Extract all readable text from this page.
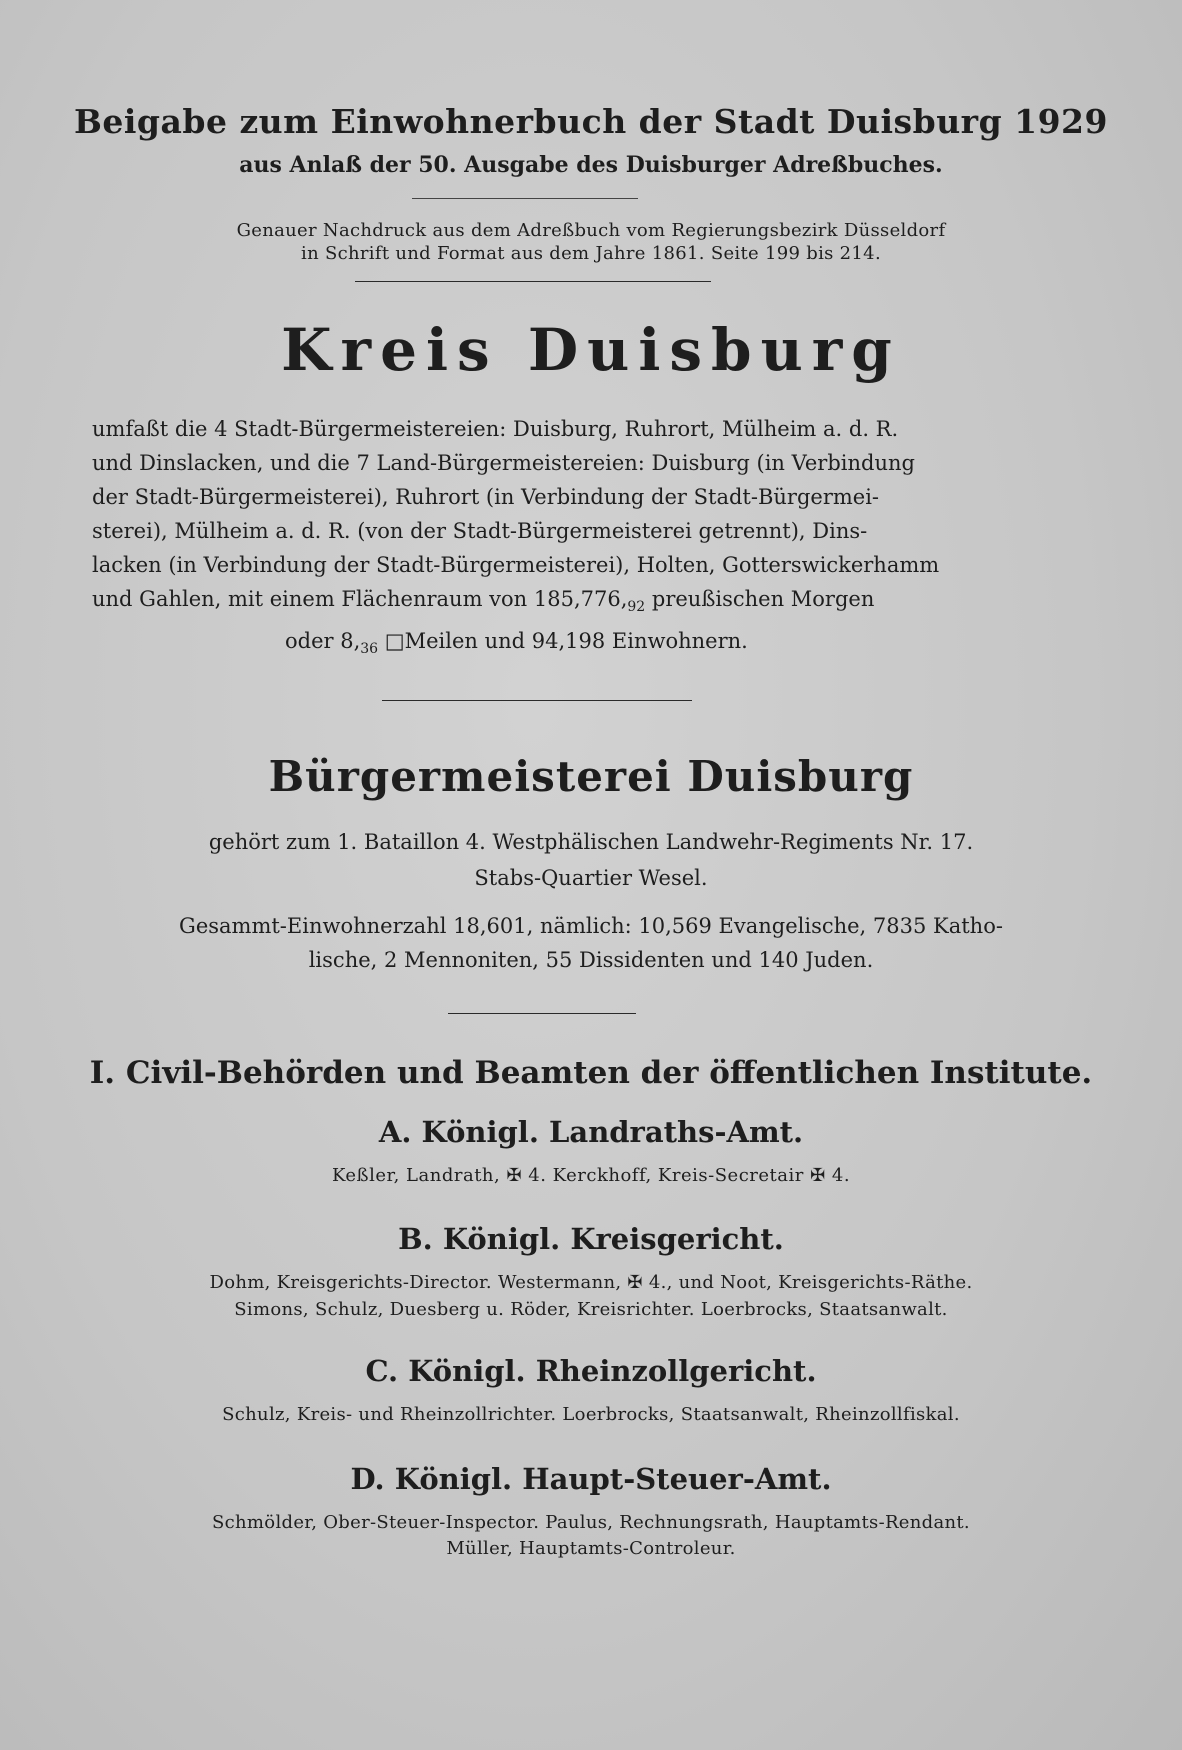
Beigabe zum Einwohnerbuch der Stadt Duisburg 1929
aus Anlaß der 50. Ausgabe des Duisburger Adreßbuches.
Genauer Nachdruck aus dem Adreßbuch vom Regierungsbezirk Düsseldorf
in Schrift und Format aus dem Jahre 1861. Seite 199 bis 214.
Kreis Duisburg
umfaßt die 4 Stadt-Bürgermeistereien: Duisburg, Ruhrort, Mülheim a. d. R.
und Dinslacken, und die 7 Land-Bürgermeistereien: Duisburg (in Verbindung
der Stadt-Bürgermeisterei), Ruhrort (in Verbindung der Stadt-Bürgermei-
sterei), Mülheim a. d. R. (von der Stadt-Bürgermeisterei getrennt), Dins-
lacken (in Verbindung der Stadt-Bürgermeisterei), Holten, Gotterswickerhamm
und Gahlen, mit einem Flächenraum von $185,776,_{92}$ preußischen Morgen
oder $8,_{36}$ □Meilen und 94,198 Einwohnern.
Bürgermeisterei Duisburg
gehört zum 1. Bataillon 4. Westphälischen Landwehr-Regiments Nr. 17.
Stabs-Quartier Wesel.
Gesammt-Einwohnerzahl 18,601, nämlich: 10,569 Evangelische, 7835 Katho-
lische, 2 Mennoniten, 55 Dissidenten und 140 Juden.
I. Civil-Behörden und Beamten der öffentlichen Institute.
A. Königl. Landraths-Amt.
Keßler, Landrath, ✠ 4. Kerckhoff, Kreis-Secretair ✠ 4.
B. Königl. Kreisgericht.
Dohm, Kreisgerichts-Director. Westermann, ✠ 4., und Noot, Kreisgerichts-Räthe.
Simons, Schulz, Duesberg u. Röder, Kreisrichter. Loerbrocks, Staatsanwalt.
C. Königl. Rheinzollgericht.
Schulz, Kreis- und Rheinzollrichter. Loerbrocks, Staatsanwalt, Rheinzollfiskal.
D. Königl. Haupt-Steuer-Amt.
Schmölder, Ober-Steuer-Inspector. Paulus, Rechnungsrath, Hauptamts-Rendant.
Müller, Hauptamts-Controleur.
